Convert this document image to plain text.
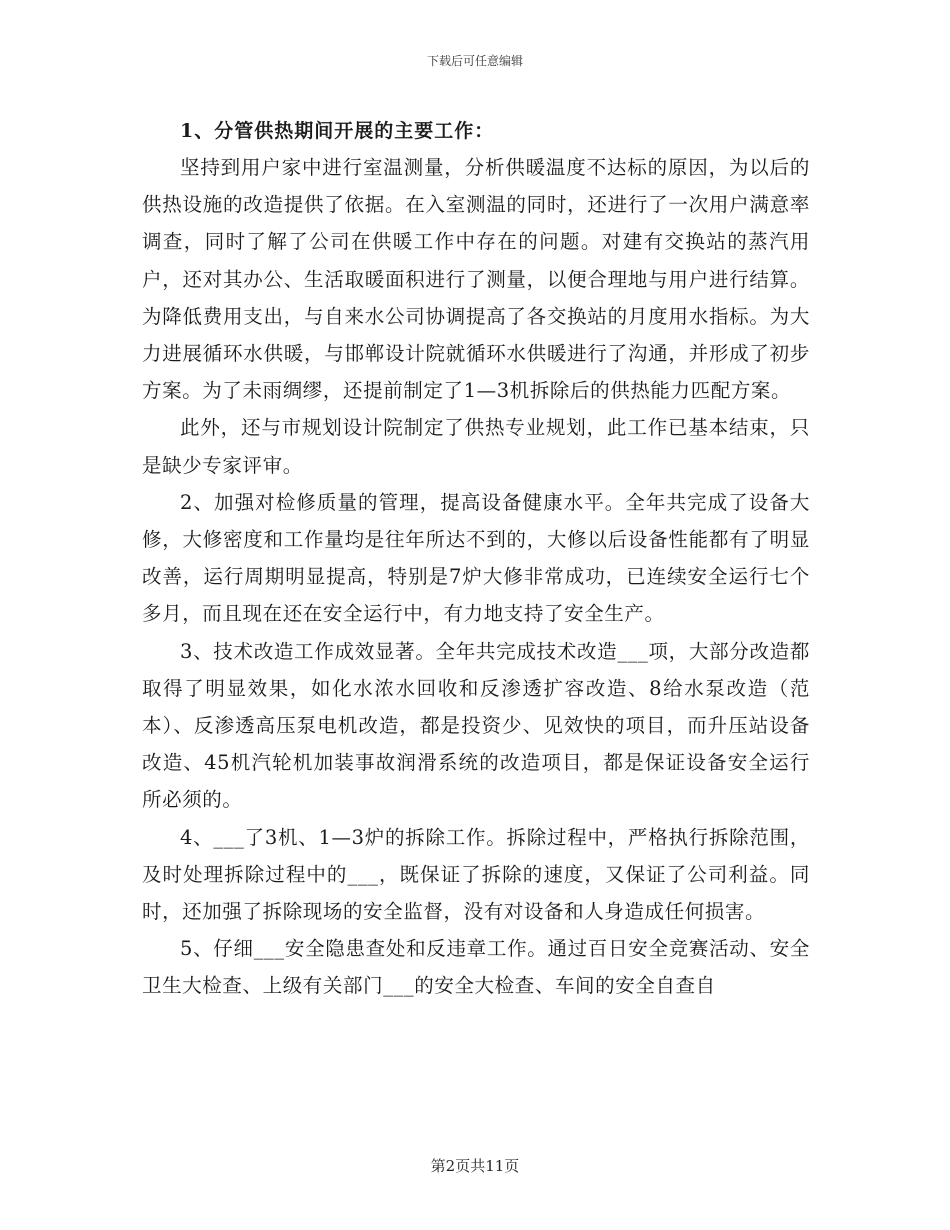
下载后可任意编辑

1、分管供热期间开展的主要工作：

坚持到用户家中进行室温测量，分析供暖温度不达标的原因，为以后的供热设施的改造提供了依据。在入室测温的同时，还进行了一次用户满意率调查，同时了解了公司在供暖工作中存在的问题。对建有交换站的蒸汽用户，还对其办公、生活取暖面积进行了测量，以便合理地与用户进行结算。为降低费用支出，与自来水公司协调提高了各交换站的月度用水指标。为大力进展循环水供暖，与邯郸设计院就循环水供暖进行了沟通，并形成了初步方案。为了未雨绸缪，还提前制定了1—3机拆除后的供热能力匹配方案。

此外，还与市规划设计院制定了供热专业规划，此工作已基本结束，只是缺少专家评审。

2、加强对检修质量的管理，提高设备健康水平。全年共完成了设备大修，大修密度和工作量均是往年所达不到的，大修以后设备性能都有了明显改善，运行周期明显提高，特别是7炉大修非常成功，已连续安全运行七个多月，而且现在还在安全运行中，有力地支持了安全生产。

3、技术改造工作成效显著。全年共完成技术改造___项，大部分改造都取得了明显效果，如化水浓水回收和反渗透扩容改造、8给水泵改造（范本）、反渗透高压泵电机改造，都是投资少、见效快的项目，而升压站设备改造、45机汽轮机加装事故润滑系统的改造项目，都是保证设备安全运行所必须的。

4、___了3机、1—3炉的拆除工作。拆除过程中，严格执行拆除范围，及时处理拆除过程中的___，既保证了拆除的速度，又保证了公司利益。同时，还加强了拆除现场的安全监督，没有对设备和人身造成任何损害。

5、仔细___安全隐患查处和反违章工作。通过百日安全竞赛活动、安全卫生大检查、上级有关部门___的安全大检查、车间的安全自查自

第2页共11页
